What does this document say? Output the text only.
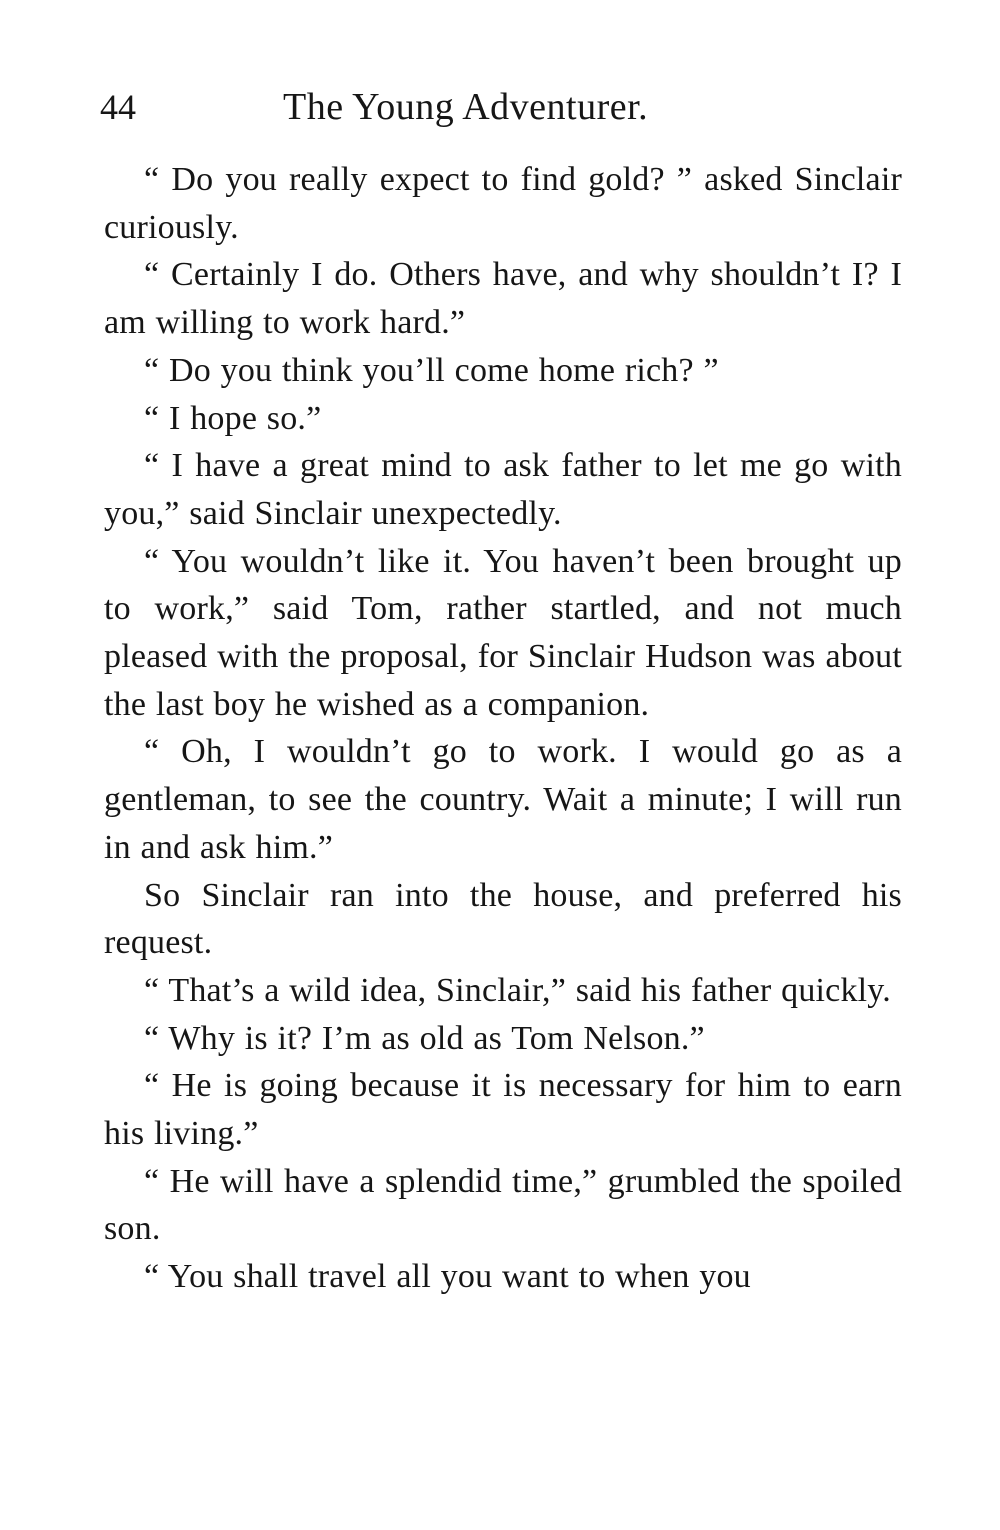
44	The Young Adventurer.

“ Do you really expect to find gold? ” asked Sinclair curiously.

“ Certainly I do. Others have, and why shouldn’t I? I am willing to work hard.”

“ Do you think you’ll come home rich? ”

“ I hope so.”

“ I have a great mind to ask father to let me go with you,” said Sinclair unexpectedly.

“ You wouldn’t like it. You haven’t been brought up to work,” said Tom, rather startled, and not much pleased with the proposal, for Sinclair Hudson was about the last boy he wished as a companion.

“ Oh, I wouldn’t go to work. I would go as a gentleman, to see the country. Wait a minute; I will run in and ask him.”

So Sinclair ran into the house, and preferred his request.

“ That’s a wild idea, Sinclair,” said his father quickly.

“ Why is it? I’m as old as Tom Nelson.”

“ He is going because it is necessary for him to earn his living.”

“ He will have a splendid time,” grumbled the spoiled son.

“ You shall travel all you want to when you
